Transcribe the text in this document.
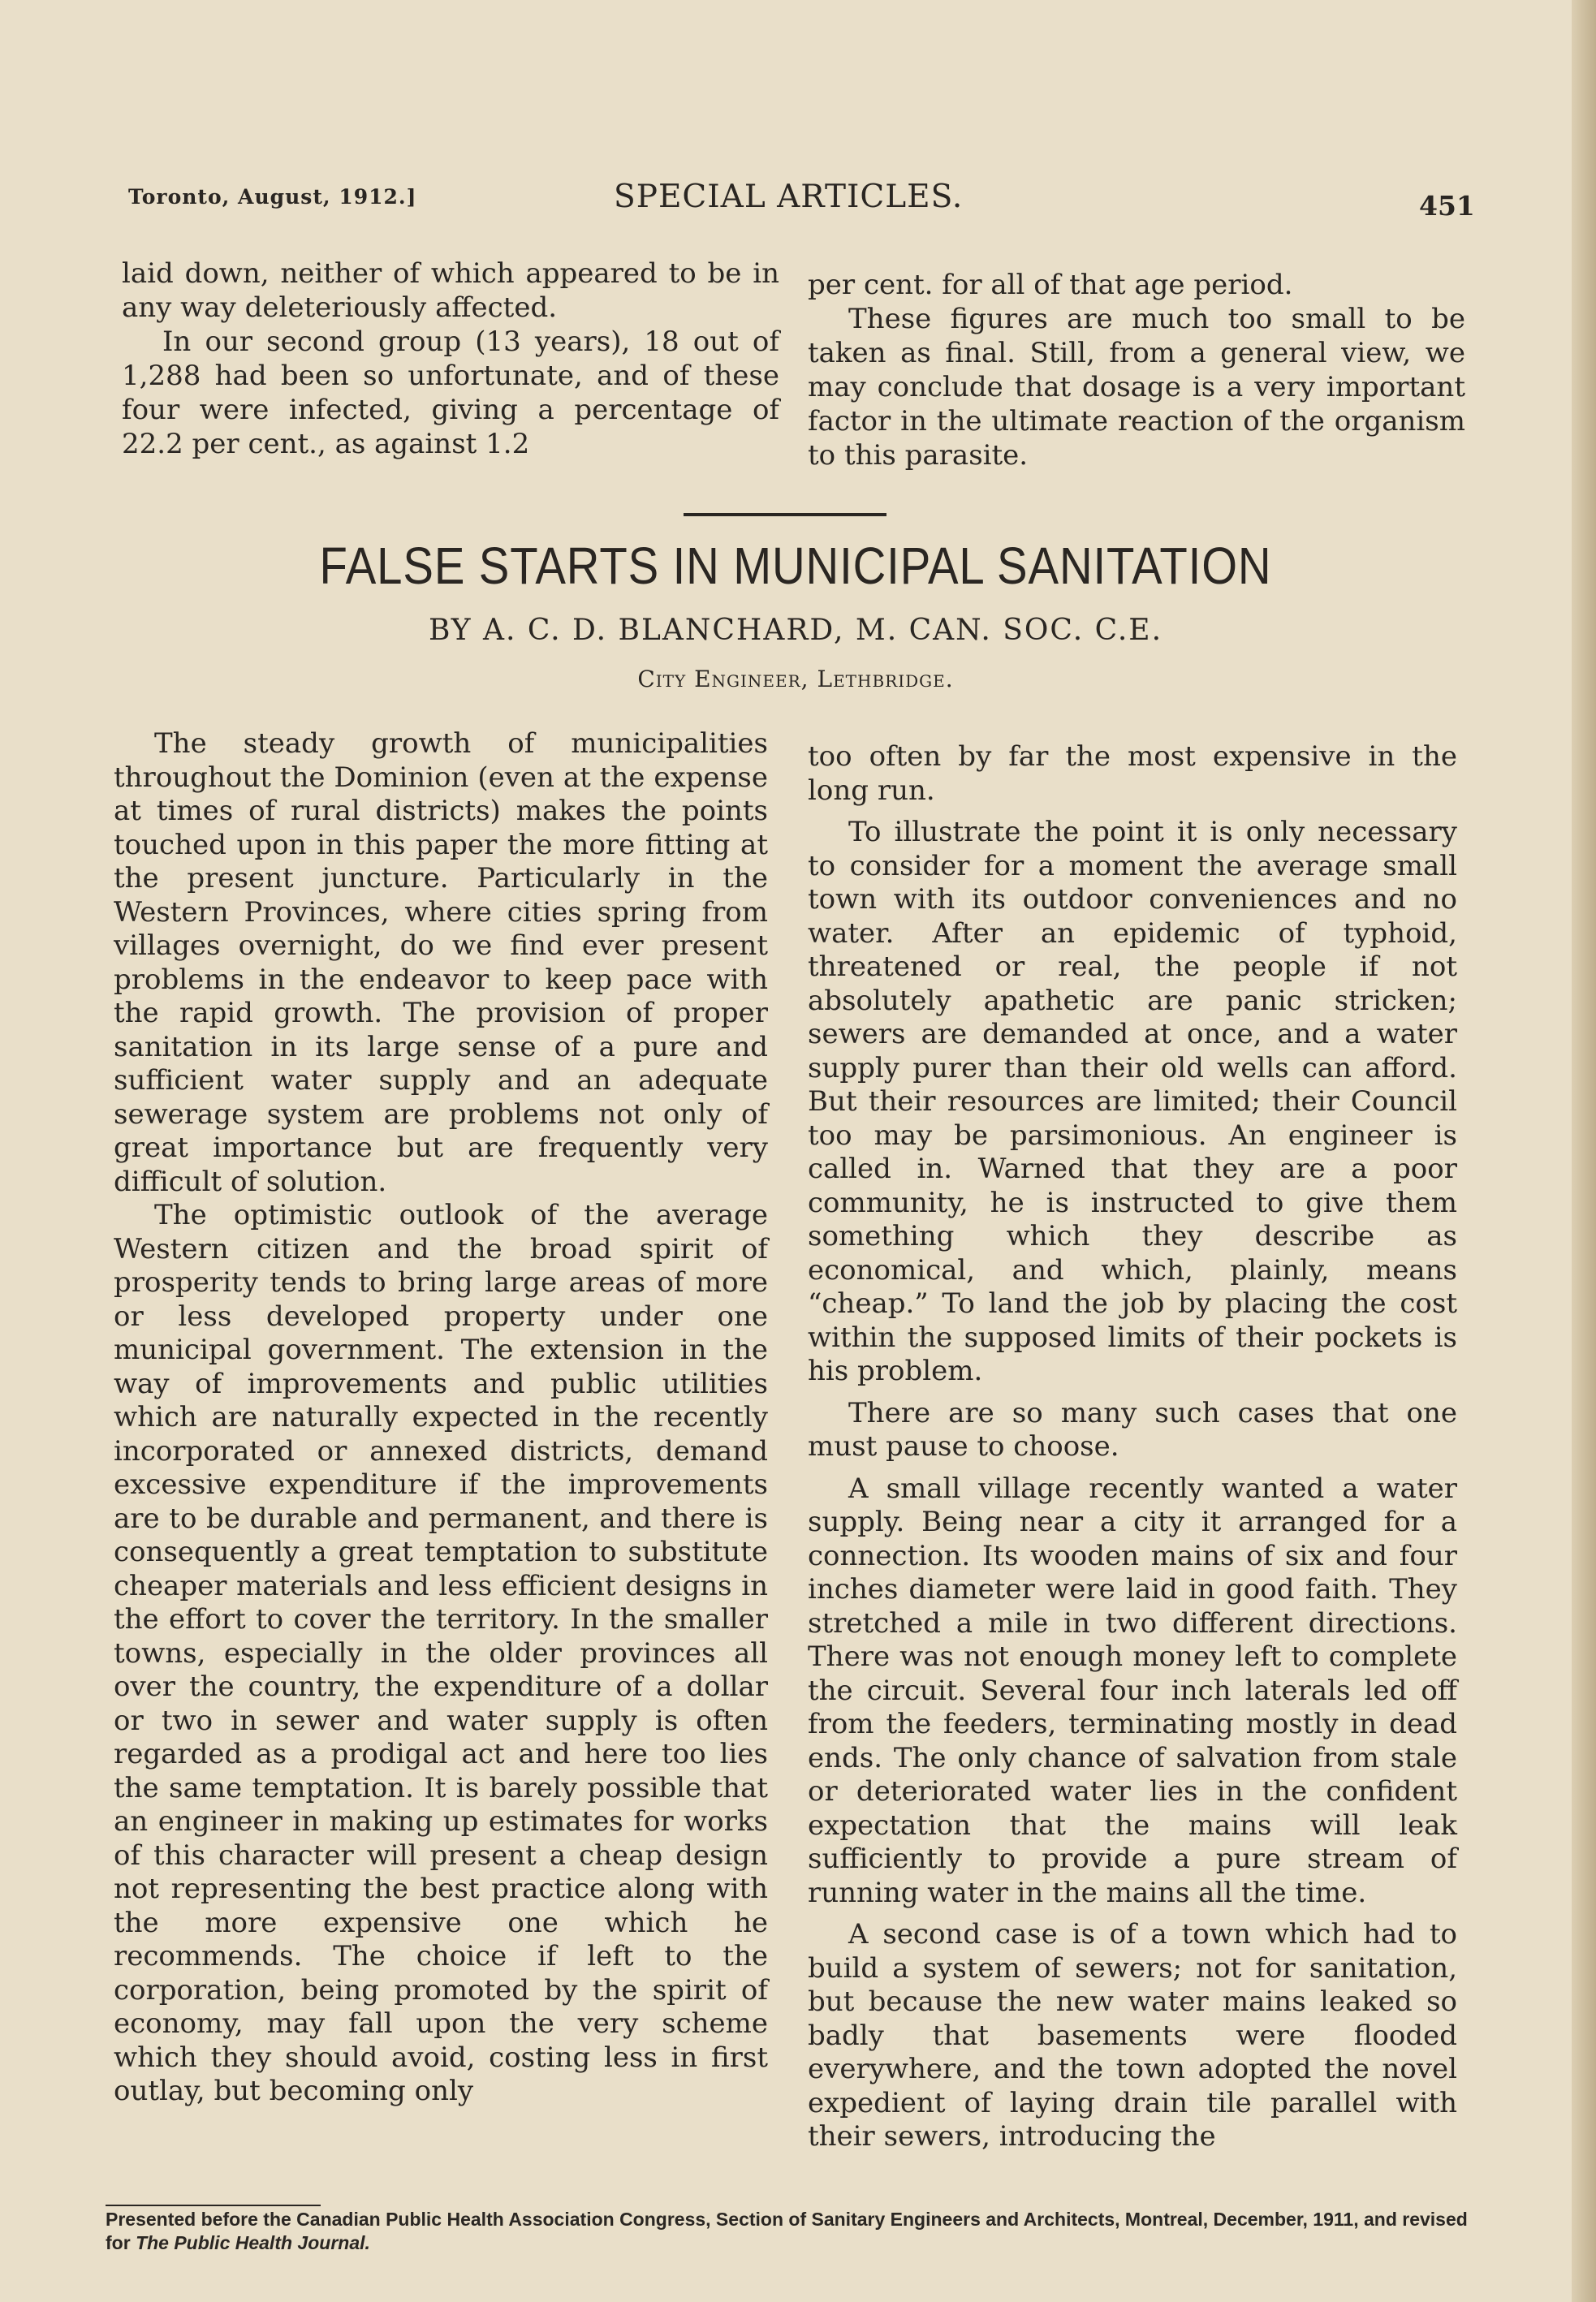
Toronto, August, 1912.]	SPECIAL ARTICLES.	451

laid down, neither of which appeared to be in any way deleteriously affected.

In our second group (13 years), 18 out of 1,288 had been so unfortunate, and of these four were infected, giving a percentage of 22.2 per cent., as against 1.2

per cent. for all of that age period.

These figures are much too small to be taken as final. Still, from a general view, we may conclude that dosage is a very important factor in the ultimate reaction of the organism to this parasite.

FALSE STARTS IN MUNICIPAL SANITATION
BY A. C. D. BLANCHARD, M. CAN. SOC. C.E.
City Engineer, Lethbridge.

The steady growth of municipalities throughout the Dominion (even at the expense at times of rural districts) makes the points touched upon in this paper the more fitting at the present juncture. Particularly in the Western Provinces, where cities spring from villages overnight, do we find ever present problems in the endeavor to keep pace with the rapid growth. The provision of proper sanitation in its large sense of a pure and sufficient water supply and an adequate sewerage system are problems not only of great importance but are frequently very difficult of solution.

The optimistic outlook of the average Western citizen and the broad spirit of prosperity tends to bring large areas of more or less developed property under one municipal government. The extension in the way of improvements and public utilities which are naturally expected in the recently incorporated or annexed districts, demand excessive expenditure if the improvements are to be durable and permanent, and there is consequently a great temptation to substitute cheaper materials and less efficient designs in the effort to cover the territory. In the smaller towns, especially in the older provinces all over the country, the expenditure of a dollar or two in sewer and water supply is often regarded as a prodigal act and here too lies the same temptation. It is barely possible that an engineer in making up estimates for works of this character will present a cheap design not representing the best practice along with the more expensive one which he recommends. The choice if left to the corporation, being promoted by the spirit of economy, may fall upon the very scheme which they should avoid, costing less in first outlay, but becoming only

too often by far the most expensive in the long run.

To illustrate the point it is only necessary to consider for a moment the average small town with its outdoor conveniences and no water. After an epidemic of typhoid, threatened or real, the people if not absolutely apathetic are panic stricken; sewers are demanded at once, and a water supply purer than their old wells can afford. But their resources are limited; their Council too may be parsimonious. An engineer is called in. Warned that they are a poor community, he is instructed to give them something which they describe as economical, and which, plainly, means “cheap.” To land the job by placing the cost within the supposed limits of their pockets is his problem.

There are so many such cases that one must pause to choose.

A small village recently wanted a water supply. Being near a city it arranged for a connection. Its wooden mains of six and four inches diameter were laid in good faith. They stretched a mile in two different directions. There was not enough money left to complete the circuit. Several four inch laterals led off from the feeders, terminating mostly in dead ends. The only chance of salvation from stale or deteriorated water lies in the confident expectation that the mains will leak sufficiently to provide a pure stream of running water in the mains all the time.

A second case is of a town which had to build a system of sewers; not for sanitation, but because the new water mains leaked so badly that basements were flooded everywhere, and the town adopted the novel expedient of laying drain tile parallel with their sewers, introducing the

Presented before the Canadian Public Health Association Congress, Section of Sanitary Engineers and Architects, Montreal, December, 1911, and revised for The Public Health Journal.
